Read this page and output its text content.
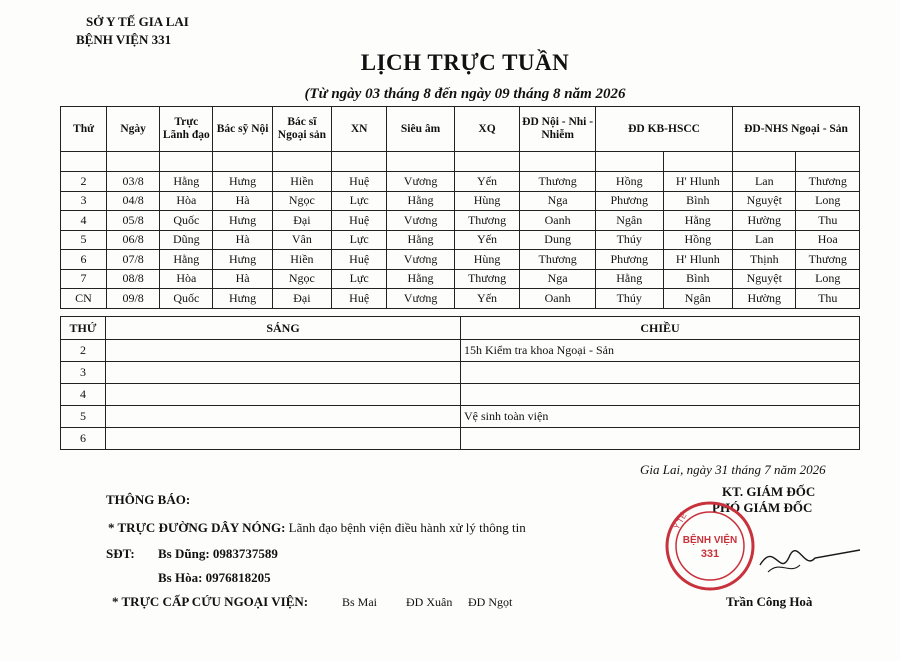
SỞ Y TẾ GIA LAI
BỆNH VIỆN 331
LỊCH TRỰC TUẦN
(Từ ngày 03 tháng 8 đến ngày 09 tháng 8 năm 2026
Thứ	Ngày	Trực Lãnh đạo	Bác sỹ Nội	Bác sĩ Ngoại sản	XN	Siêu âm	XQ	ĐD Nội - Nhi - Nhiễm	ĐD KB-HSCC		ĐD-NHS Ngoại - Sản	

2	03/8	Hằng	Hưng	Hiền	Huệ	Vương	Yến	Thương	Hồng	H' Hlunh	Lan	Thương
3	04/8	Hòa	Hà	Ngọc	Lực	Hằng	Hùng	Nga	Phương	Bình	Nguyệt	Long
4	05/8	Quốc	Hưng	Đại	Huệ	Vương	Thương	Oanh	Ngân	Hằng	Hường	Thu
5	06/8	Dũng	Hà	Vân	Lực	Hằng	Yến	Dung	Thúy	Hồng	Lan	Hoa
6	07/8	Hằng	Hưng	Hiền	Huệ	Vương	Hùng	Thương	Phương	H' Hlunh	Thịnh	Thương
7	08/8	Hòa	Hà	Ngọc	Lực	Hằng	Thương	Nga	Hằng	Bình	Nguyệt	Long
CN	09/8	Quốc	Hưng	Đại	Huệ	Vương	Yến	Oanh	Thúy	Ngân	Hường	Thu
THỨ	SÁNG	CHIỀU
2		15h Kiểm tra khoa Ngoại - Sản
3		
4		
5		Vệ sinh toàn viện
6		
Gia Lai, ngày 31 tháng 7 năm 2026
KT. GIÁM ĐỐC
PHÓ GIÁM ĐỐC
BỆNH VIỆN
331
Y TẾ
Trần Công Hoà
THÔNG BÁO:
* TRỰC ĐƯỜNG DÂY NÓNG: Lãnh đạo bệnh viện điều hành xử lý thông tin
SĐT: Bs Dũng: 0983737589
Bs Hòa: 0976818205
* TRỰC CẤP CỨU NGOẠI VIỆN:	Bs Mai ĐD Xuân ĐD Ngọt
